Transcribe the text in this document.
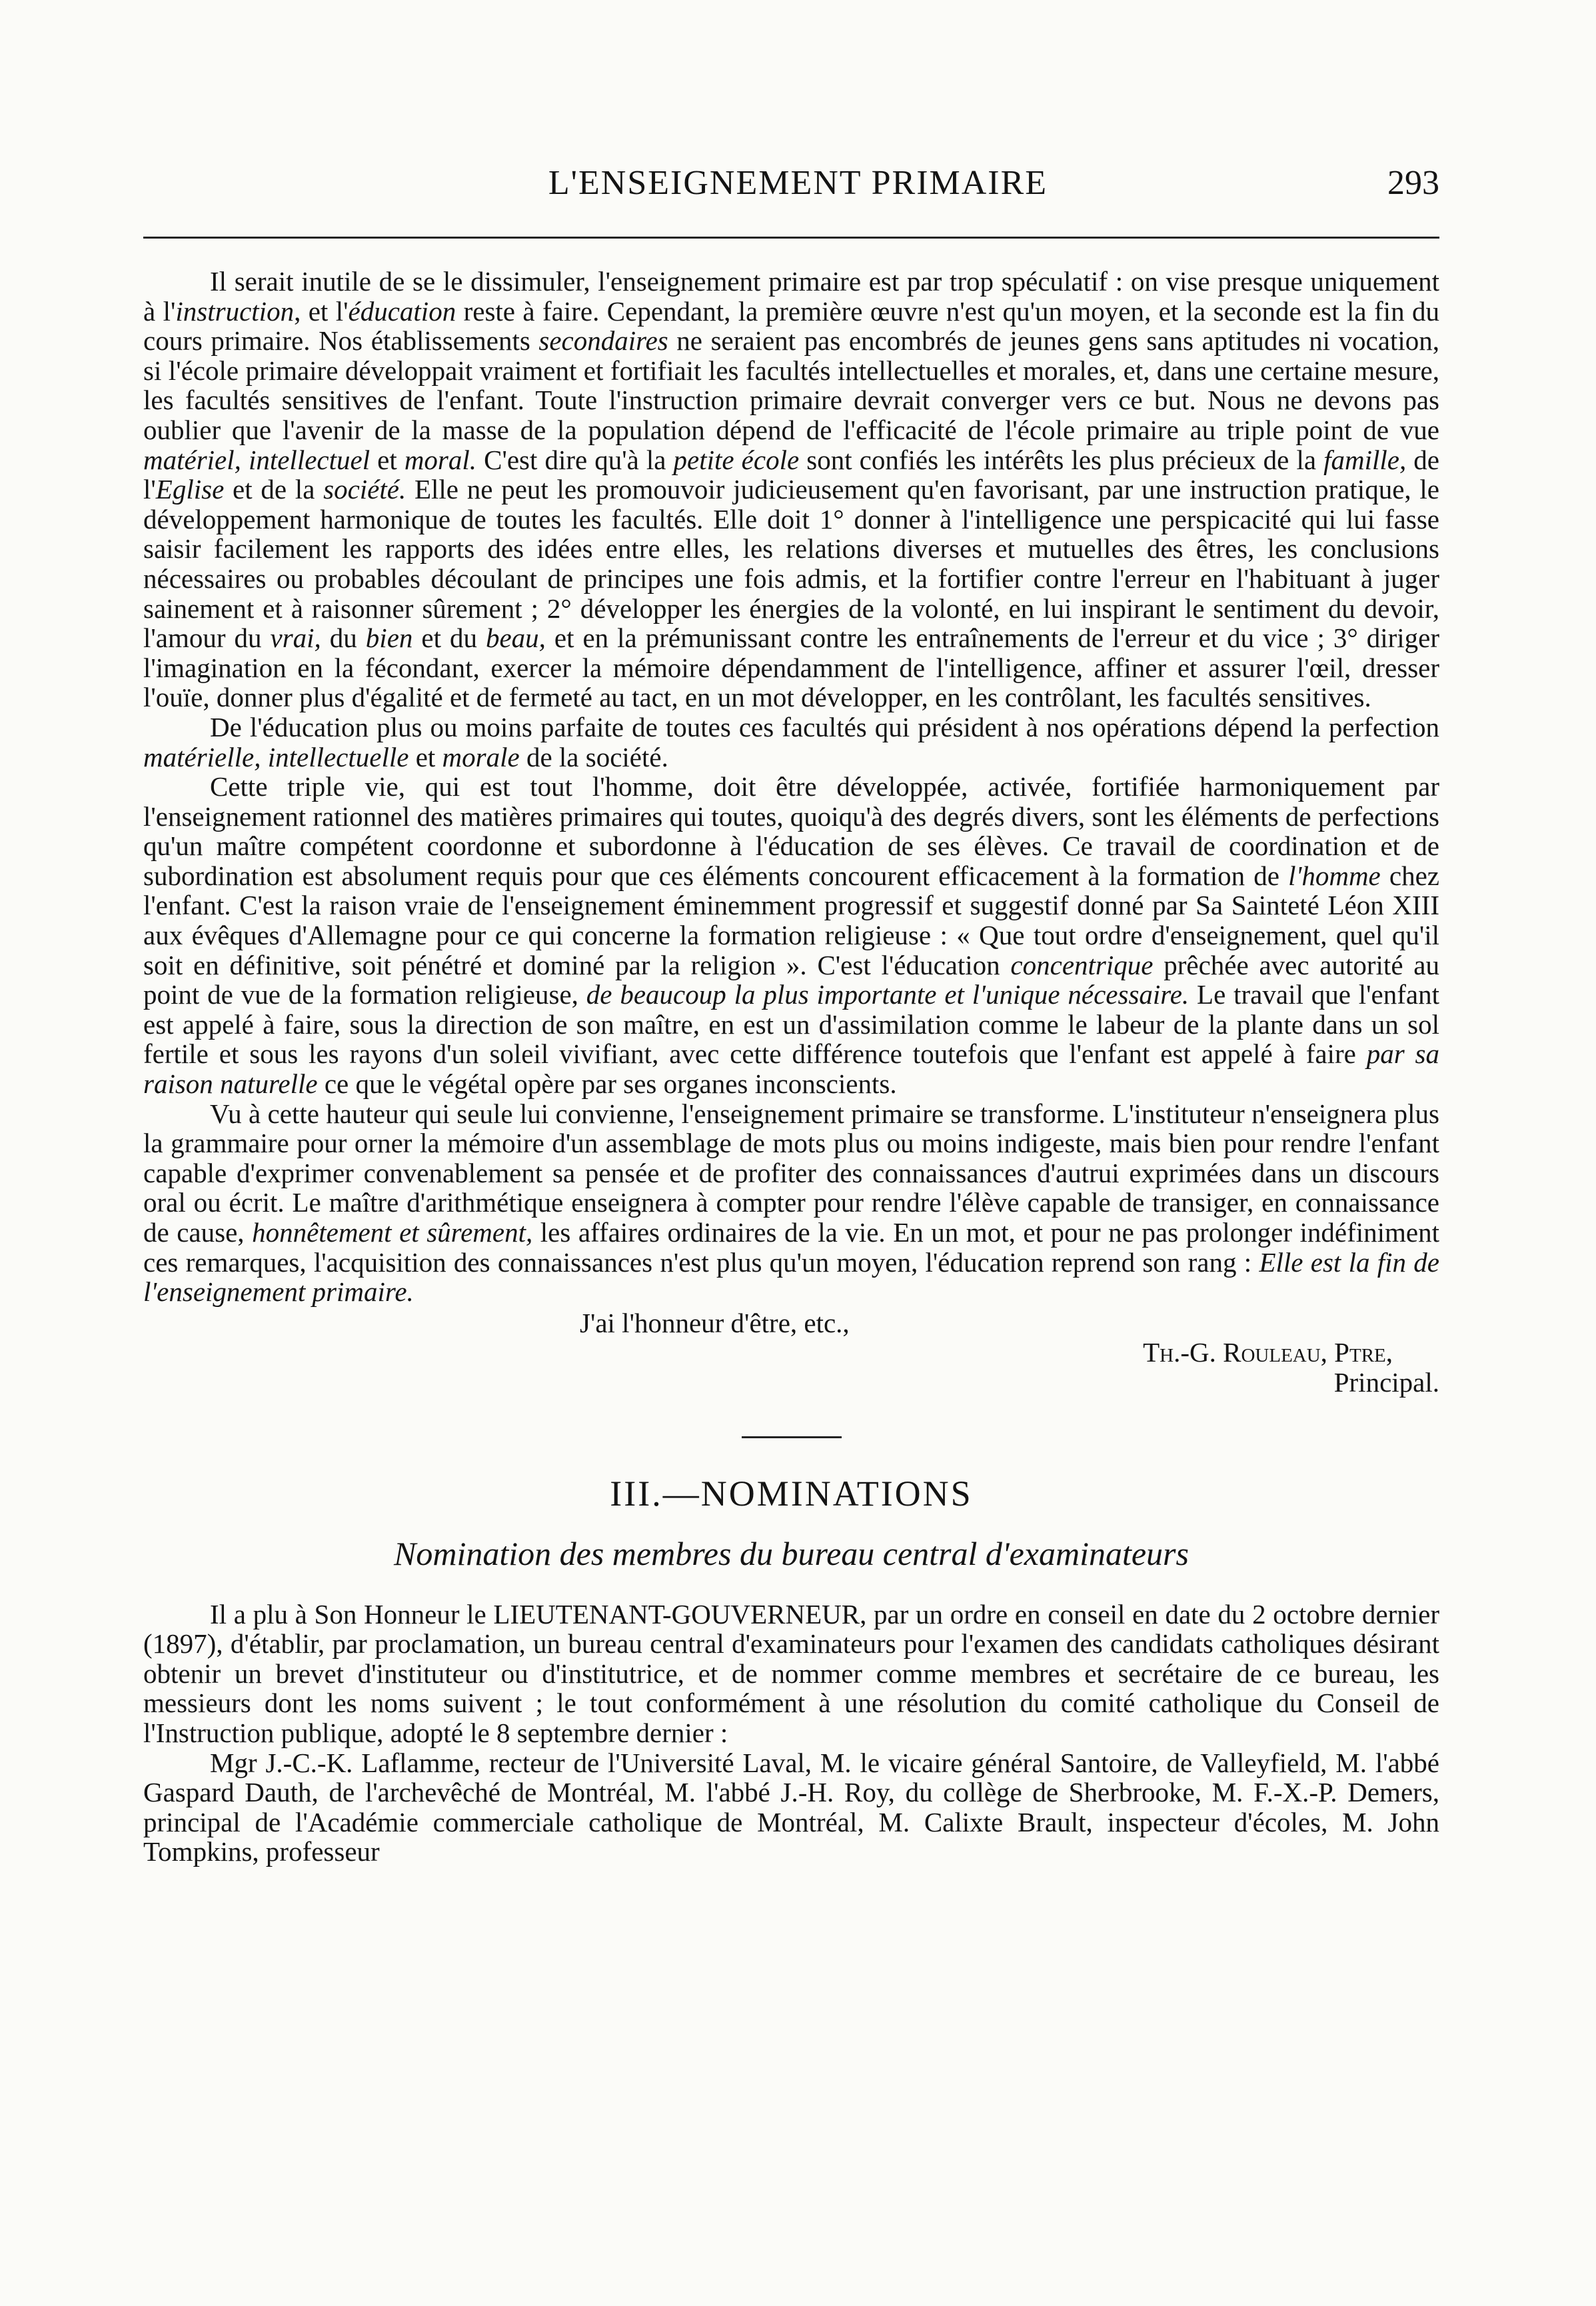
L'ENSEIGNEMENT PRIMAIRE	293

Il serait inutile de se le dissimuler, l'enseignement primaire est par trop spéculatif : on vise presque uniquement à l'instruction, et l'éducation reste à faire. Cependant, la première œuvre n'est qu'un moyen, et la seconde est la fin du cours primaire. Nos établissements secondaires ne seraient pas encombrés de jeunes gens sans aptitudes ni vocation, si l'école primaire développait vraiment et fortifiait les facultés intellectuelles et morales, et, dans une certaine mesure, les facultés sensitives de l'enfant. Toute l'instruction primaire devrait converger vers ce but. Nous ne devons pas oublier que l'avenir de la masse de la population dépend de l'efficacité de l'école primaire au triple point de vue matériel, intellectuel et moral. C'est dire qu'à la petite école sont confiés les intérêts les plus précieux de la famille, de l'Eglise et de la société. Elle ne peut les promouvoir judicieusement qu'en favorisant, par une instruction pratique, le développement harmonique de toutes les facultés. Elle doit 1° donner à l'intelligence une perspicacité qui lui fasse saisir facilement les rapports des idées entre elles, les relations diverses et mutuelles des êtres, les conclusions nécessaires ou probables découlant de principes une fois admis, et la fortifier contre l'erreur en l'habituant à juger sainement et à raisonner sûrement ; 2° développer les énergies de la volonté, en lui inspirant le sentiment du devoir, l'amour du vrai, du bien et du beau, et en la prémunissant contre les entraînements de l'erreur et du vice ; 3° diriger l'imagination en la fécondant, exercer la mémoire dépendamment de l'intelligence, affiner et assurer l'œil, dresser l'ouïe, donner plus d'égalité et de fermeté au tact, en un mot développer, en les contrôlant, les facultés sensitives.

De l'éducation plus ou moins parfaite de toutes ces facultés qui président à nos opérations dépend la perfection matérielle, intellectuelle et morale de la société.

Cette triple vie, qui est tout l'homme, doit être développée, activée, fortifiée harmoniquement par l'enseignement rationnel des matières primaires qui toutes, quoiqu'à des degrés divers, sont les éléments de perfections qu'un maître compétent coordonne et subordonne à l'éducation de ses élèves. Ce travail de coordination et de subordination est absolument requis pour que ces éléments concourent efficacement à la formation de l'homme chez l'enfant. C'est la raison vraie de l'enseignement éminemment progressif et suggestif donné par Sa Sainteté Léon XIII aux évêques d'Allemagne pour ce qui concerne la formation religieuse : « Que tout ordre d'enseignement, quel qu'il soit en définitive, soit pénétré et dominé par la religion ». C'est l'éducation concentrique prêchée avec autorité au point de vue de la formation religieuse, de beaucoup la plus importante et l'unique nécessaire. Le travail que l'enfant est appelé à faire, sous la direction de son maître, en est un d'assimilation comme le labeur de la plante dans un sol fertile et sous les rayons d'un soleil vivifiant, avec cette différence toutefois que l'enfant est appelé à faire par sa raison naturelle ce que le végétal opère par ses organes inconscients.

Vu à cette hauteur qui seule lui convienne, l'enseignement primaire se transforme. L'instituteur n'enseignera plus la grammaire pour orner la mémoire d'un assemblage de mots plus ou moins indigeste, mais bien pour rendre l'enfant capable d'exprimer convenablement sa pensée et de profiter des connaissances d'autrui exprimées dans un discours oral ou écrit. Le maître d'arithmétique enseignera à compter pour rendre l'élève capable de transiger, en connaissance de cause, honnêtement et sûrement, les affaires ordinaires de la vie. En un mot, et pour ne pas prolonger indéfiniment ces remarques, l'acquisition des connaissances n'est plus qu'un moyen, l'éducation reprend son rang : Elle est la fin de l'enseignement primaire.

J'ai l'honneur d'être, etc.,
Th.-G. Rouleau, Ptre,
Principal.
III.—NOMINATIONS
Nomination des membres du bureau central d'examinateurs

Il a plu à Son Honneur le LIEUTENANT-GOUVERNEUR, par un ordre en conseil en date du 2 octobre dernier (1897), d'établir, par proclamation, un bureau central d'examinateurs pour l'examen des candidats catholiques désirant obtenir un brevet d'instituteur ou d'institutrice, et de nommer comme membres et secrétaire de ce bureau, les messieurs dont les noms suivent ; le tout conformément à une résolution du comité catholique du Conseil de l'Instruction publique, adopté le 8 septembre dernier :

Mgr J.-C.-K. Laflamme, recteur de l'Université Laval, M. le vicaire général Santoire, de Valleyfield, M. l'abbé Gaspard Dauth, de l'archevêché de Montréal, M. l'abbé J.-H. Roy, du collège de Sherbrooke, M. F.-X.-P. Demers, principal de l'Académie commerciale catholique de Montréal, M. Calixte Brault, inspecteur d'écoles, M. John Tompkins, professeur
